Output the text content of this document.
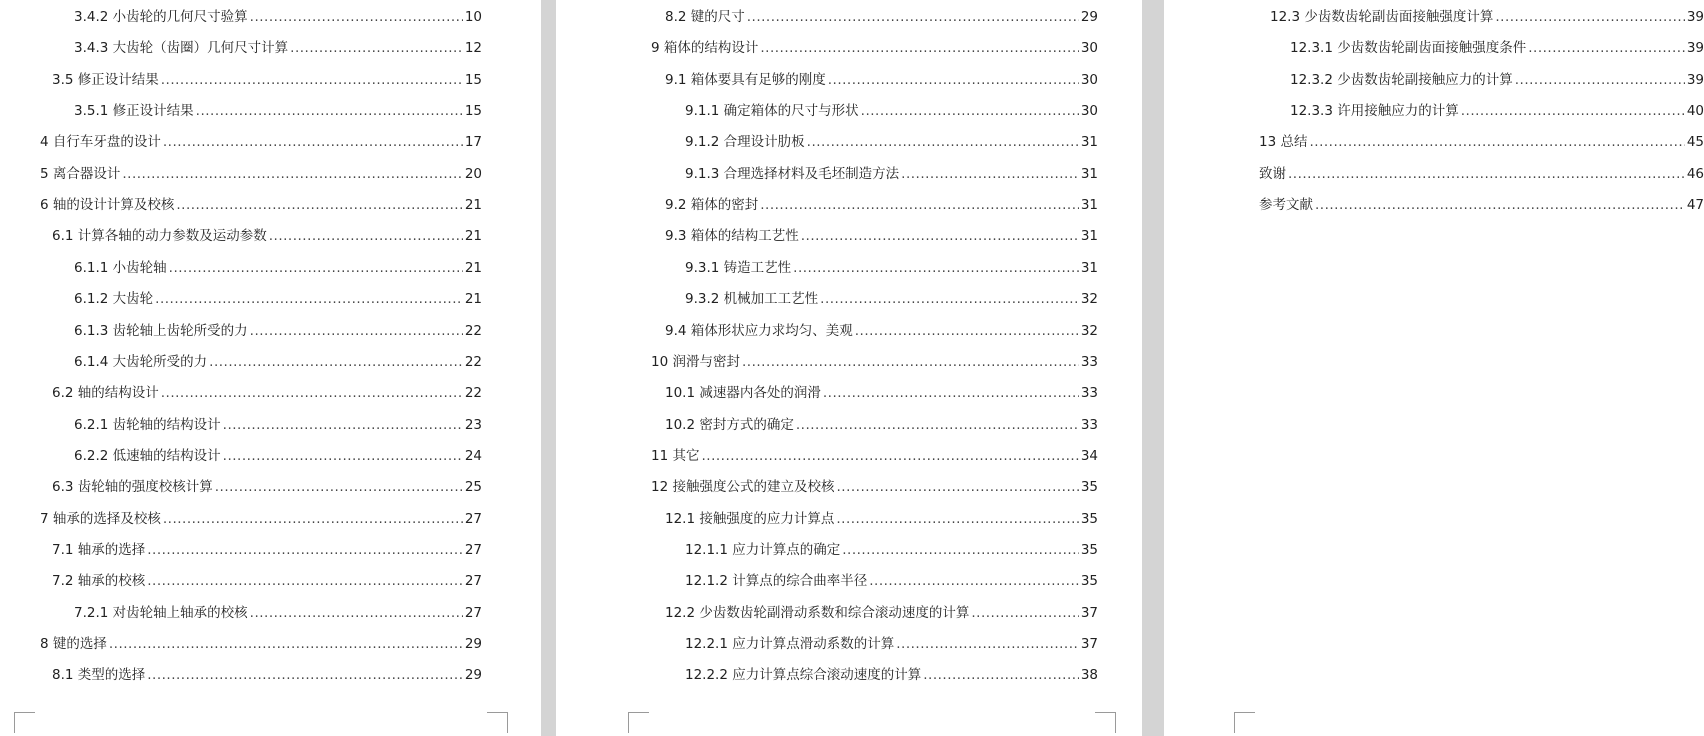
3.4.2 小齿轮的几何尺寸验算 .....	10
3.4.3 大齿轮（齿圈）几何尺寸计算 .....	12
3.5 修正设计结果 .....	15
3.5.1 修正设计结果 .....	15
4 自行车牙盘的设计 .....	17
5 离合器设计 .....	20
6 轴的设计计算及校核 .....	21
6.1 计算各轴的动力参数及运动参数 .....	21
6.1.1 小齿轮轴 .....	21
6.1.2 大齿轮 .....	21
6.1.3 齿轮轴上齿轮所受的力 .....	22
6.1.4 大齿轮所受的力 .....	22
6.2 轴的结构设计 .....	22
6.2.1 齿轮轴的结构设计 .....	23
6.2.2 低速轴的结构设计 .....	24
6.3 齿轮轴的强度校核计算 .....	25
7 轴承的选择及校核 .....	27
7.1 轴承的选择 .....	27
7.2 轴承的校核 .....	27
7.2.1 对齿轮轴上轴承的校核 .....	27
8 键的选择 .....	29
8.1 类型的选择 .....	29
8.2 键的尺寸 .....	29
9 箱体的结构设计 .....	30
9.1 箱体要具有足够的刚度 .....	30
9.1.1 确定箱体的尺寸与形状 .....	30
9.1.2 合理设计肋板 .....	31
9.1.3 合理选择材料及毛坯制造方法 .....	31
9.2 箱体的密封 .....	31
9.3 箱体的结构工艺性 .....	31
9.3.1 铸造工艺性 .....	31
9.3.2 机械加工工艺性 .....	32
9.4 箱体形状应力求均匀、美观 .....	32
10 润滑与密封 .....	33
10.1 减速器内各处的润滑 .....	33
10.2 密封方式的确定 .....	33
11 其它 .....	34
12 接触强度公式的建立及校核 .....	35
12.1 接触强度的应力计算点 .....	35
12.1.1 应力计算点的确定 .....	35
12.1.2 计算点的综合曲率半径 .....	35
12.2 少齿数齿轮副滑动系数和综合滚动速度的计算 .....	37
12.2.1 应力计算点滑动系数的计算 .....	37
12.2.2 应力计算点综合滚动速度的计算 .....	38
12.3 少齿数齿轮副齿面接触强度计算 .....	39
12.3.1 少齿数齿轮副齿面接触强度条件 .....	39
12.3.2 少齿数齿轮副接触应力的计算 .....	39
12.3.3 许用接触应力的计算 .....	40
13 总结 .....	45
致谢 .....	46
参考文献 .....	47
